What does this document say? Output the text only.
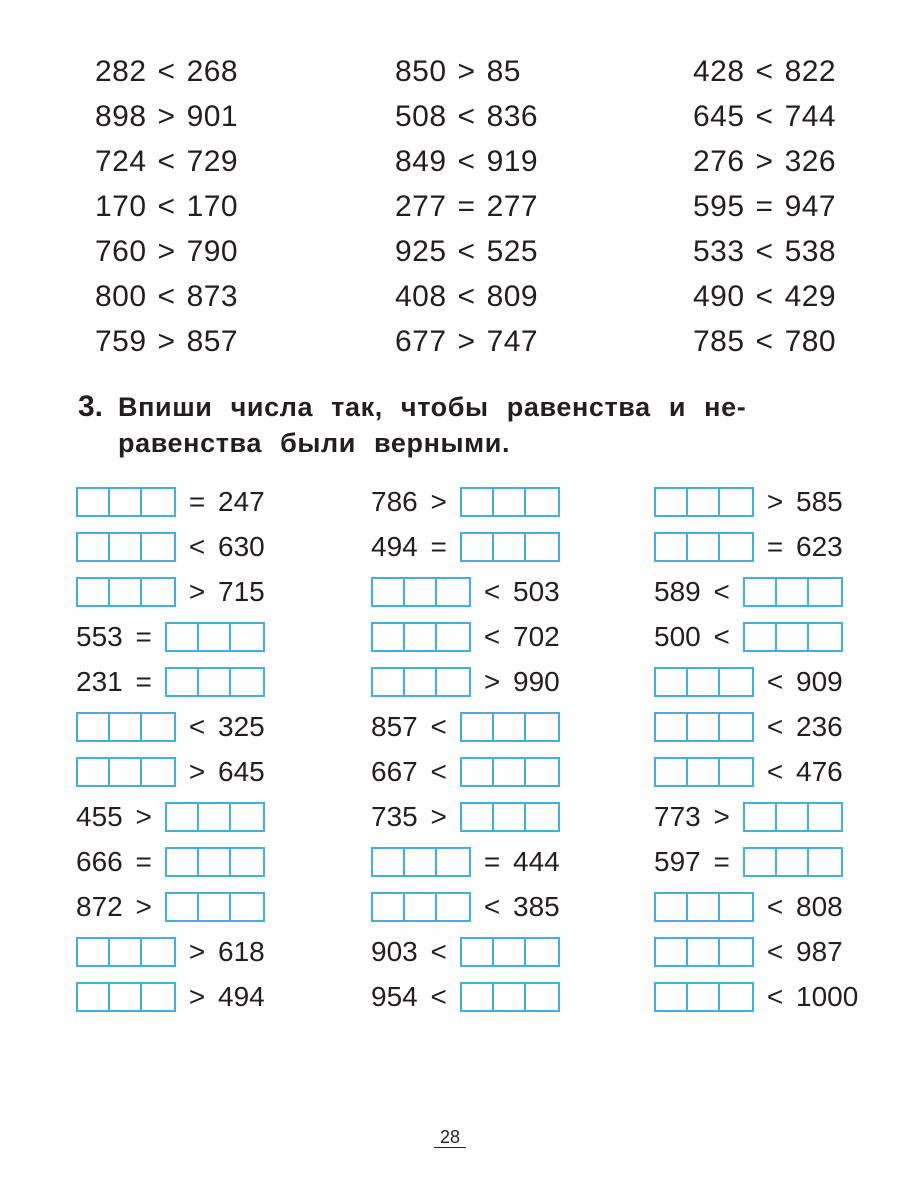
282 < 268	850 > 85	428 < 822
898 > 901	508 < 836	645 < 744
724 < 729	849 < 919	276 > 326
170 < 170	277 = 277	595 = 947
760 > 790	925 < 525	533 < 538
800 < 873	408 < 809	490 < 429
759 > 857	677 > 747	785 < 780
3. Впиши числа так, чтобы равенства и не-
равенства были верными.
= 247	786 >	> 585
< 630	494 =	= 623
> 715	< 503	589 <
553 =	< 702	500 <
231 =	> 990	< 909
< 325	857 <	< 236
> 645	667 <	< 476
455 >	735 >	773 >
666 =	= 444	597 =
872 >	< 385	< 808
> 618	903 <	< 987
> 494	954 <	< 1000
28
